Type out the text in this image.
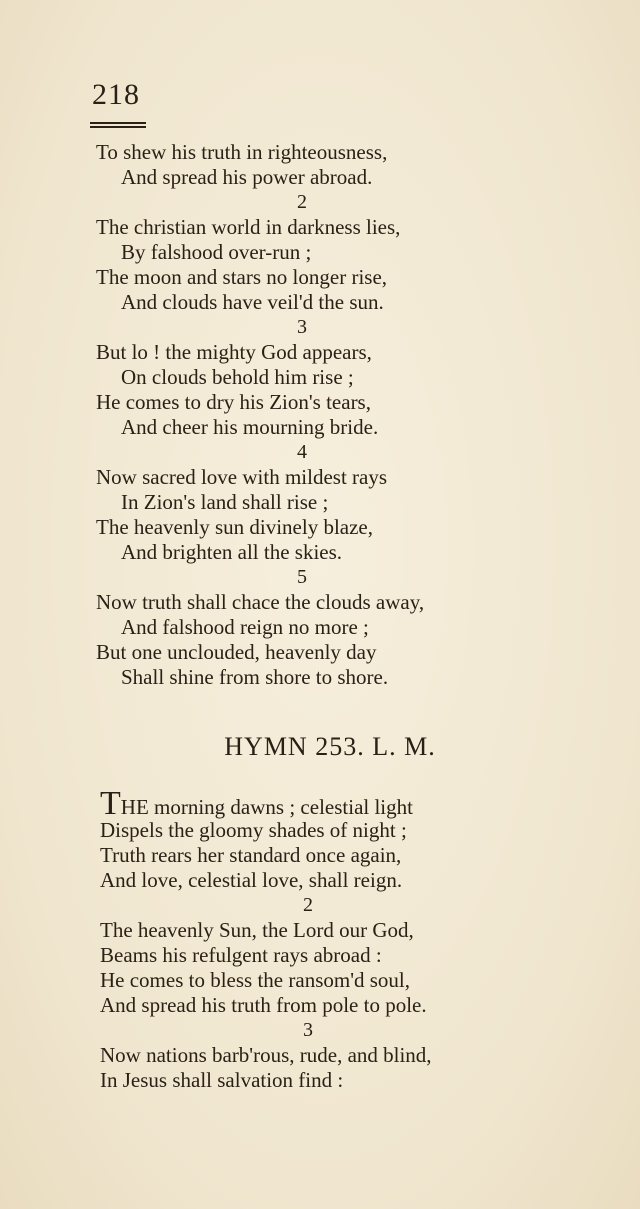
218
To shew his truth in righteousness,
And spread his power abroad.
2
The christian world in darkness lies,
By falshood over-run ;
The moon and stars no longer rise,
And clouds have veil'd the sun.
3
But lo ! the mighty God appears,
On clouds behold him rise ;
He comes to dry his Zion's tears,
And cheer his mourning bride.
4
Now sacred love with mildest rays
In Zion's land shall rise ;
The heavenly sun divinely blaze,
And brighten all the skies.
5
Now truth shall chace the clouds away,
And falshood reign no more ;
But one unclouded, heavenly day
Shall shine from shore to shore.
HYMN 253. L. M.
THE morning dawns ; celestial light
Dispels the gloomy shades of night ;
Truth rears her standard once again,
And love, celestial love, shall reign.
2
The heavenly Sun, the Lord our God,
Beams his refulgent rays abroad :
He comes to bless the ransom'd soul,
And spread his truth from pole to pole.
3
Now nations barb'rous, rude, and blind,
In Jesus shall salvation find :
